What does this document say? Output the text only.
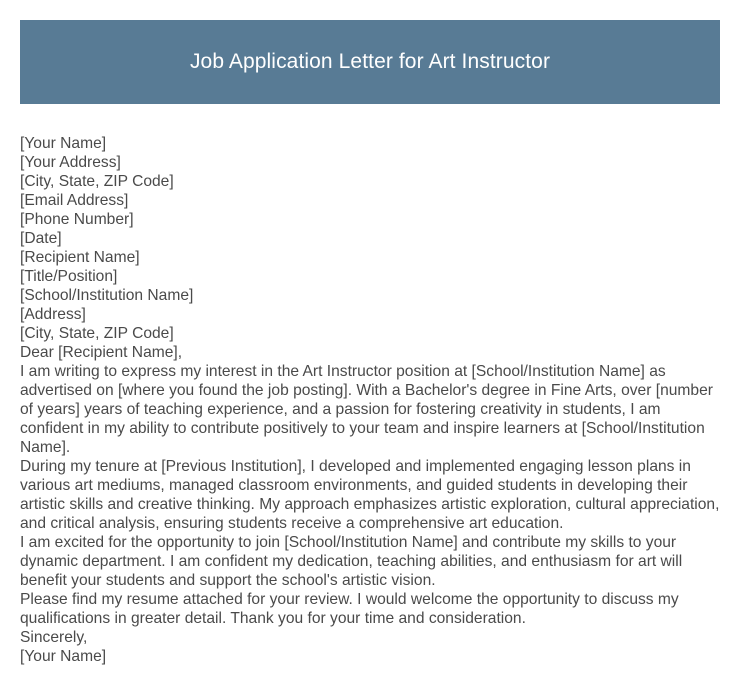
Job Application Letter for Art Instructor
[Your Name]
[Your Address]
[City, State, ZIP Code]
[Email Address]
[Phone Number]
[Date]
[Recipient Name]
[Title/Position]
[School/Institution Name]
[Address]
[City, State, ZIP Code]
Dear [Recipient Name],

I am writing to express my interest in the Art Instructor position at [School/Institution Name] as advertised on [where you found the job posting]. With a Bachelor's degree in Fine Arts, over [number of years] years of teaching experience, and a passion for fostering creativity in students, I am confident in my ability to contribute positively to your team and inspire learners at [School/Institution Name].

During my tenure at [Previous Institution], I developed and implemented engaging lesson plans in various art mediums, managed classroom environments, and guided students in developing their artistic skills and creative thinking. My approach emphasizes artistic exploration, cultural appreciation, and critical analysis, ensuring students receive a comprehensive art education.

I am excited for the opportunity to join [School/Institution Name] and contribute my skills to your dynamic department. I am confident my dedication, teaching abilities, and enthusiasm for art will benefit your students and support the school's artistic vision.

Please find my resume attached for your review. I would welcome the opportunity to discuss my qualifications in greater detail. Thank you for your time and consideration.

Sincerely,
[Your Name]
